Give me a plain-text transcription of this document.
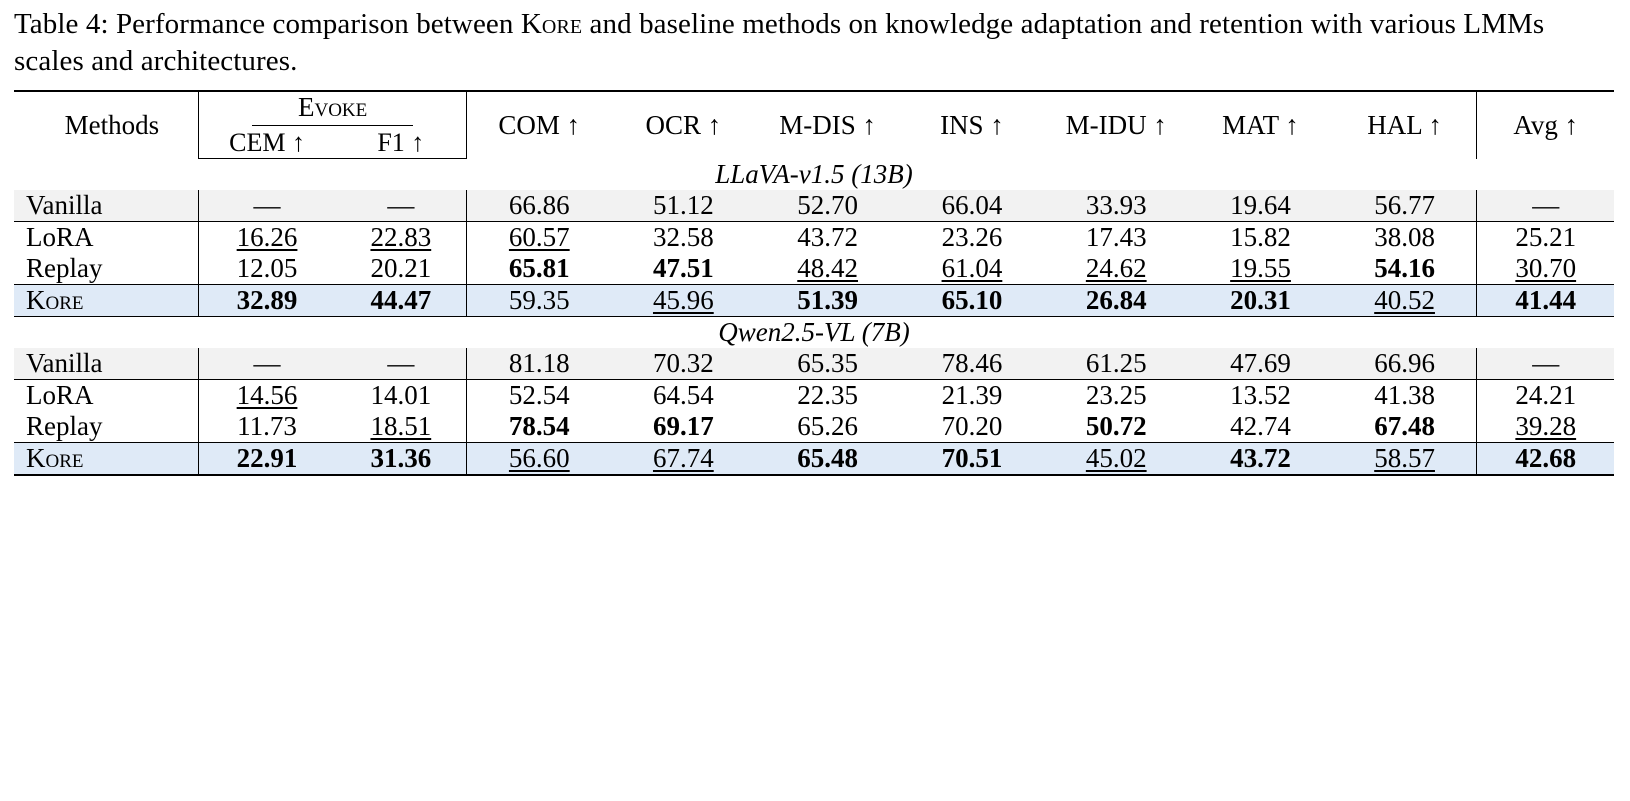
Table 4: Performance comparison between Kore and baseline methods on knowledge adaptation and retention with various LMMs scales and architectures.
Methods	Evoke		COM ↑	OCR ↑	M-DIS ↑	INS ↑	M-IDU ↑	MAT ↑	HAL ↑	Avg ↑
	CEM ↑	F1 ↑								
LLaVA-v1.5 (13B)										
Vanilla	—	—	66.86	51.12	52.70	66.04	33.93	19.64	56.77	—
LoRA	16.26	22.83	60.57	32.58	43.72	23.26	17.43	15.82	38.08	25.21
Replay	12.05	20.21	65.81	47.51	48.42	61.04	24.62	19.55	54.16	30.70
Kore	32.89	44.47	59.35	45.96	51.39	65.10	26.84	20.31	40.52	41.44
Qwen2.5-VL (7B)										
Vanilla	—	—	81.18	70.32	65.35	78.46	61.25	47.69	66.96	—
LoRA	14.56	14.01	52.54	64.54	22.35	21.39	23.25	13.52	41.38	24.21
Replay	11.73	18.51	78.54	69.17	65.26	70.20	50.72	42.74	67.48	39.28
Kore	22.91	31.36	56.60	67.74	65.48	70.51	45.02	43.72	58.57	42.68
